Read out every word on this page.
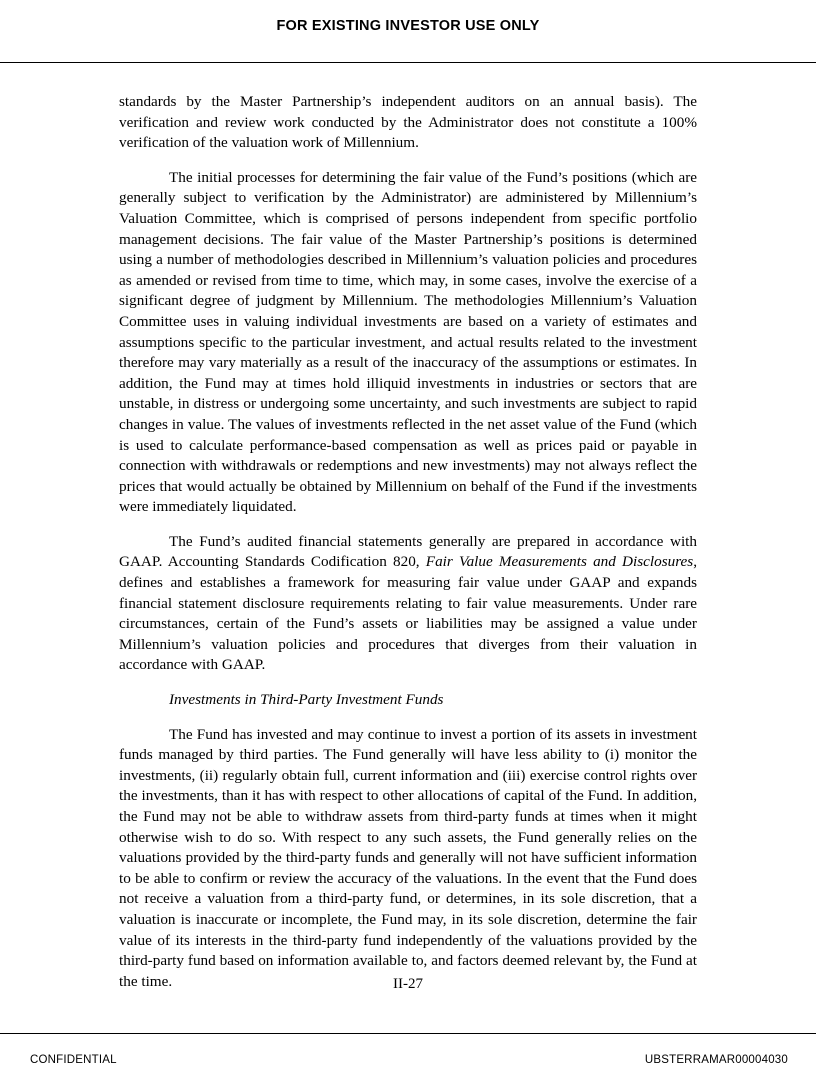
FOR EXISTING INVESTOR USE ONLY

standards by the Master Partnership’s independent auditors on an annual basis). The verification and review work conducted by the Administrator does not constitute a 100% verification of the valuation work of Millennium.

The initial processes for determining the fair value of the Fund’s positions (which are generally subject to verification by the Administrator) are administered by Millennium’s Valuation Committee, which is comprised of persons independent from specific portfolio management decisions. The fair value of the Master Partnership’s positions is determined using a number of methodologies described in Millennium’s valuation policies and procedures as amended or revised from time to time, which may, in some cases, involve the exercise of a significant degree of judgment by Millennium. The methodologies Millennium’s Valuation Committee uses in valuing individual investments are based on a variety of estimates and assumptions specific to the particular investment, and actual results related to the investment therefore may vary materially as a result of the inaccuracy of the assumptions or estimates. In addition, the Fund may at times hold illiquid investments in industries or sectors that are unstable, in distress or undergoing some uncertainty, and such investments are subject to rapid changes in value. The values of investments reflected in the net asset value of the Fund (which is used to calculate performance-based compensation as well as prices paid or payable in connection with withdrawals or redemptions and new investments) may not always reflect the prices that would actually be obtained by Millennium on behalf of the Fund if the investments were immediately liquidated.

The Fund’s audited financial statements generally are prepared in accordance with GAAP. Accounting Standards Codification 820, Fair Value Measurements and Disclosures, defines and establishes a framework for measuring fair value under GAAP and expands financial statement disclosure requirements relating to fair value measurements. Under rare circumstances, certain of the Fund’s assets or liabilities may be assigned a value under Millennium’s valuation policies and procedures that diverges from their valuation in accordance with GAAP.

Investments in Third-Party Investment Funds

The Fund has invested and may continue to invest a portion of its assets in investment funds managed by third parties. The Fund generally will have less ability to (i) monitor the investments, (ii) regularly obtain full, current information and (iii) exercise control rights over the investments, than it has with respect to other allocations of capital of the Fund. In addition, the Fund may not be able to withdraw assets from third-party funds at times when it might otherwise wish to do so. With respect to any such assets, the Fund generally relies on the valuations provided by the third-party funds and generally will not have sufficient information to be able to confirm or review the accuracy of the valuations. In the event that the Fund does not receive a valuation from a third-party fund, or determines, in its sole discretion, that a valuation is inaccurate or incomplete, the Fund may, in its sole discretion, determine the fair value of its interests in the third-party fund independently of the valuations provided by the third-party fund based on information available to, and factors deemed relevant by, the Fund at the time.	II-27
CONFIDENTIAL	UBSTERRAMAR00004030
